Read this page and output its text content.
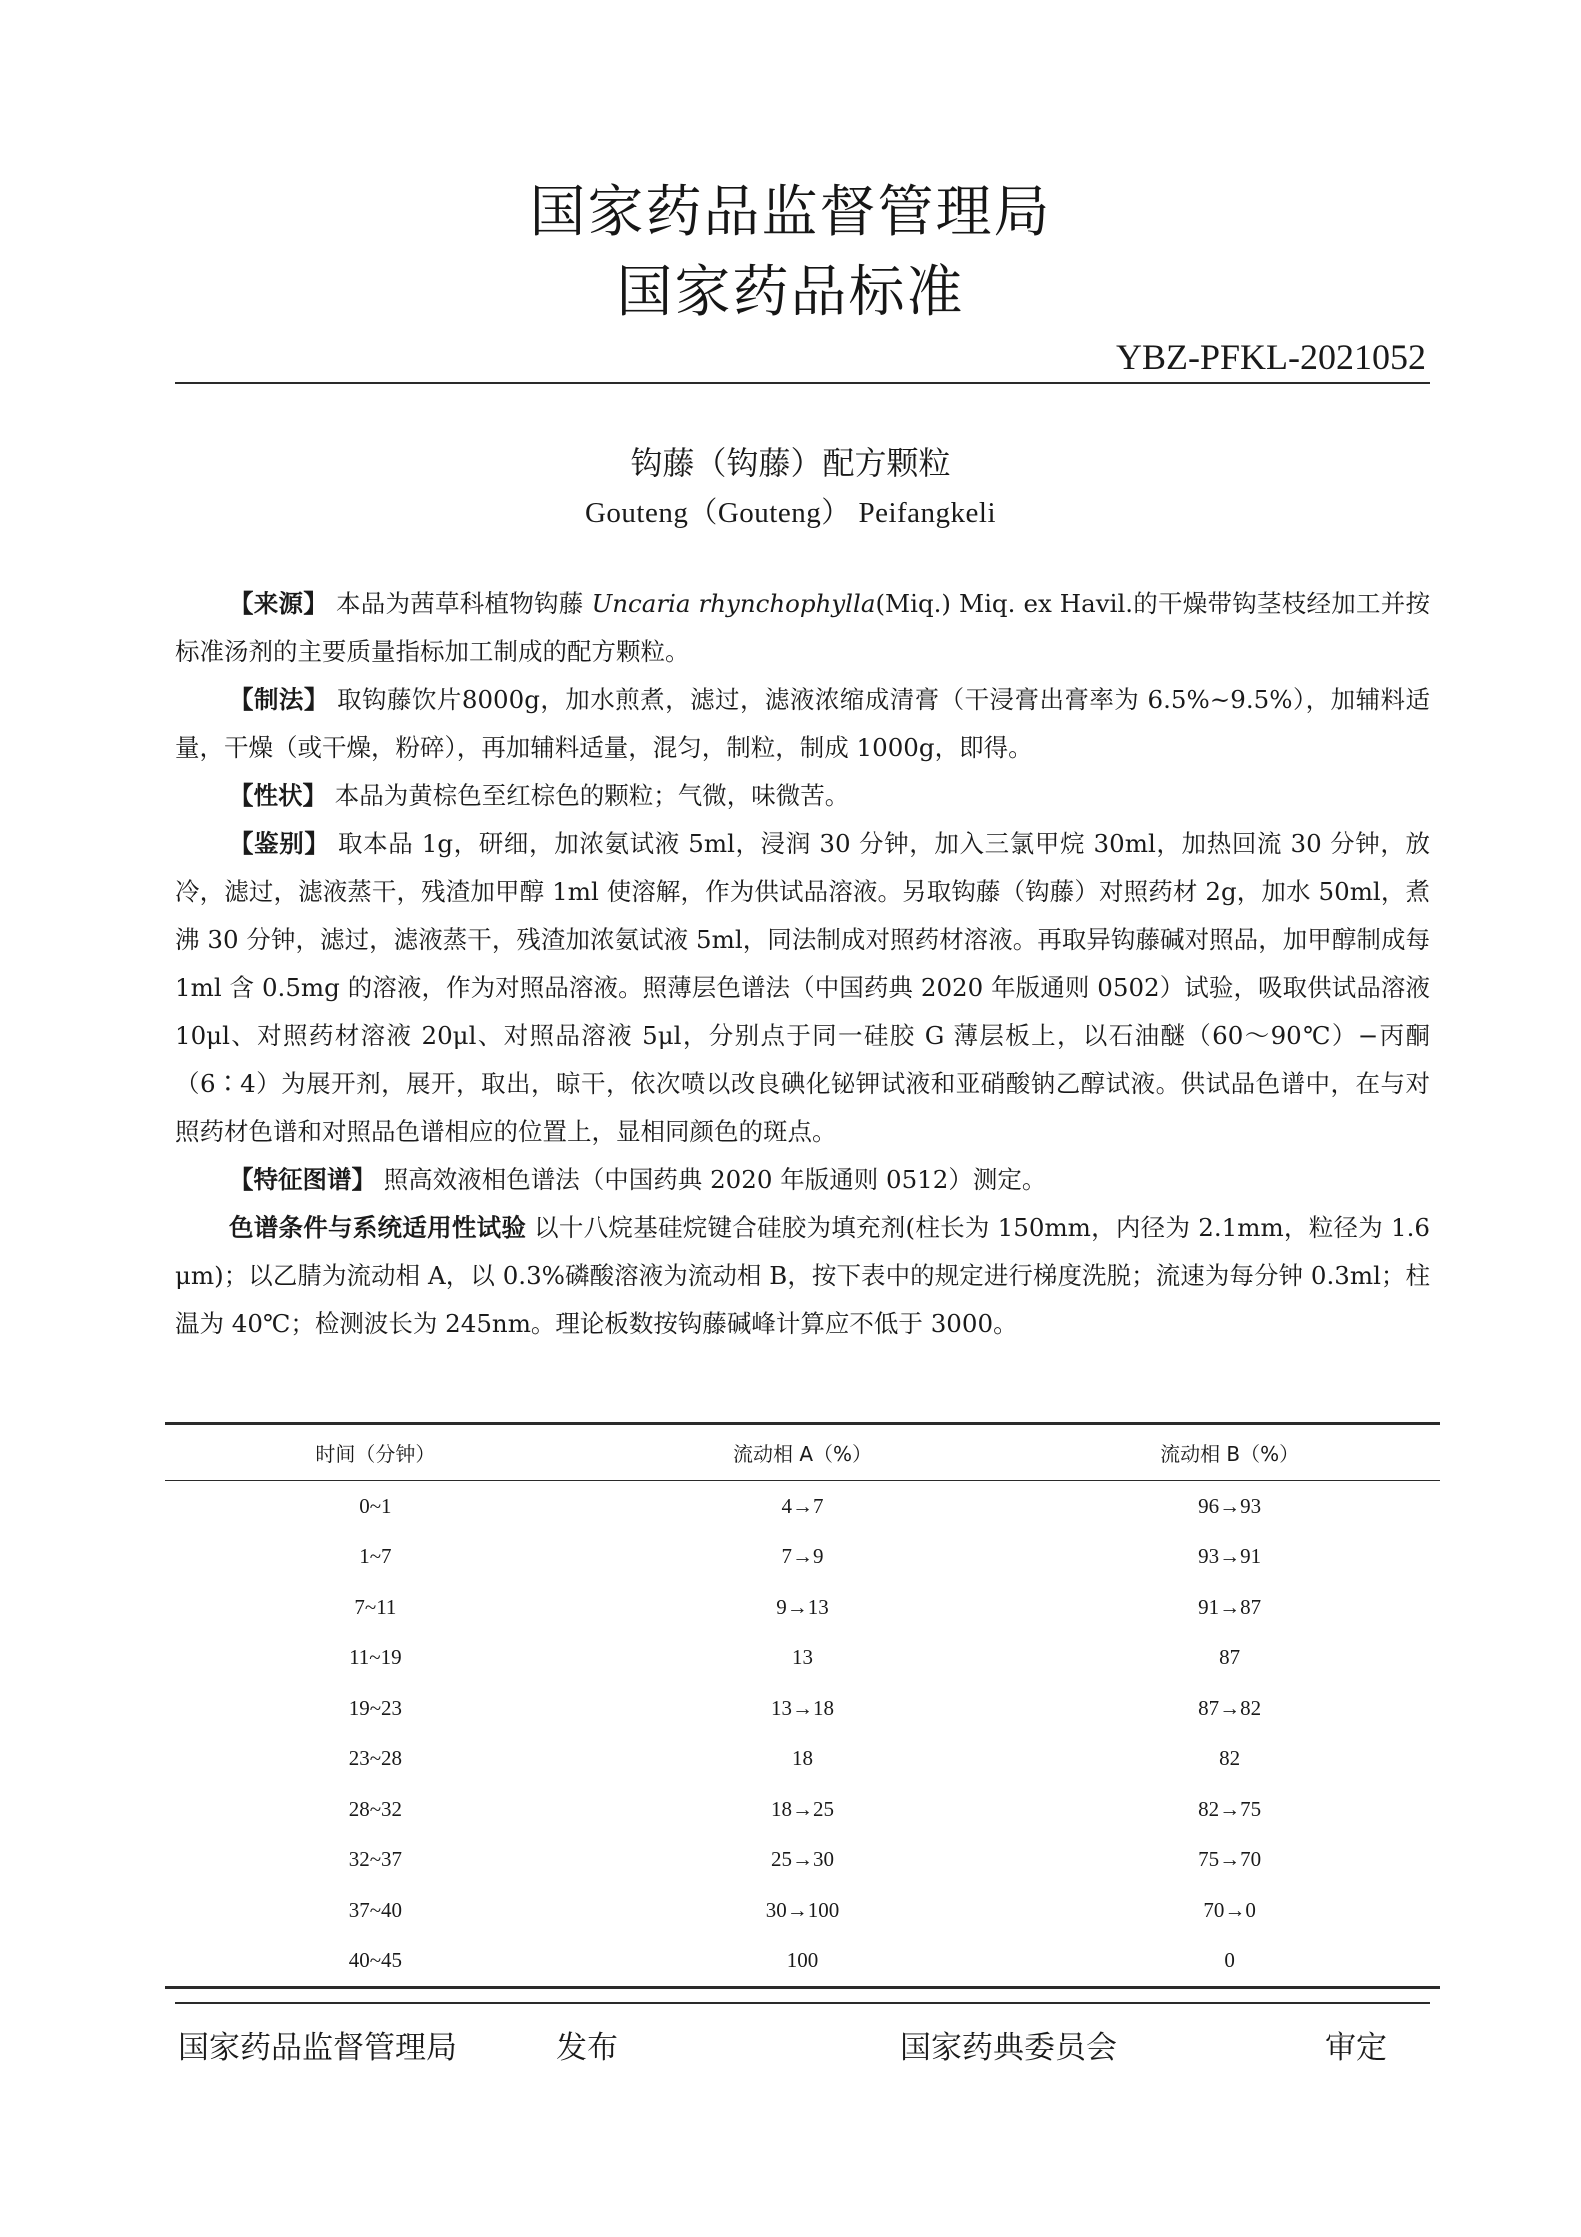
国家药品监督管理局
国家药品标准
YBZ-PFKL-2021052
钩藤（钩藤）配方颗粒
Gouteng（Gouteng） Peifangkeli

【来源】 本品为茜草科植物钩藤 Uncaria rhynchophylla(Miq.) Miq. ex Havil.的干燥带钩茎枝经加工并按标准汤剂的主要质量指标加工制成的配方颗粒。

【制法】 取钩藤饮片8000g，加水煎煮，滤过，滤液浓缩成清膏（干浸膏出膏率为 6.5%~9.5%），加辅料适量，干燥（或干燥，粉碎），再加辅料适量，混匀，制粒，制成 1000g，即得。

【性状】 本品为黄棕色至红棕色的颗粒；气微，味微苦。

【鉴别】 取本品 1g，研细，加浓氨试液 5ml，浸润 30 分钟，加入三氯甲烷 30ml，加热回流 30 分钟，放冷，滤过，滤液蒸干，残渣加甲醇 1ml 使溶解，作为供试品溶液。另取钩藤（钩藤）对照药材 2g，加水 50ml，煮沸 30 分钟，滤过，滤液蒸干，残渣加浓氨试液 5ml，同法制成对照药材溶液。再取异钩藤碱对照品，加甲醇制成每 1ml 含 0.5mg 的溶液，作为对照品溶液。照薄层色谱法（中国药典 2020 年版通则 0502）试验，吸取供试品溶液 10μl、对照药材溶液 20μl、对照品溶液 5μl，分别点于同一硅胶 G 薄层板上，以石油醚（60～90℃）−丙酮（6∶4）为展开剂，展开，取出，晾干，依次喷以改良碘化铋钾试液和亚硝酸钠乙醇试液。供试品色谱中，在与对照药材色谱和对照品色谱相应的位置上，显相同颜色的斑点。

【特征图谱】 照高效液相色谱法（中国药典 2020 年版通则 0512）测定。

色谱条件与系统适用性试验 以十八烷基硅烷键合硅胶为填充剂(柱长为 150mm，内径为 2.1mm，粒径为 1.6 μm)；以乙腈为流动相 A，以 0.3%磷酸溶液为流动相 B，按下表中的规定进行梯度洗脱；流速为每分钟 0.3ml；柱温为 40℃；检测波长为 245nm。理论板数按钩藤碱峰计算应不低于 3000。

时间（分钟）	流动相 A（%）	流动相 B（%）
0~1	4→7	96→93
1~7	7→9	93→91
7~11	9→13	91→87
11~19	13	87
19~23	13→18	87→82
23~28	18	82
28~32	18→25	82→75
32~37	25→30	75→70
37~40	30→100	70→0
40~45	100	0
国家药品监督管理局	发布	国家药典委员会	审定
